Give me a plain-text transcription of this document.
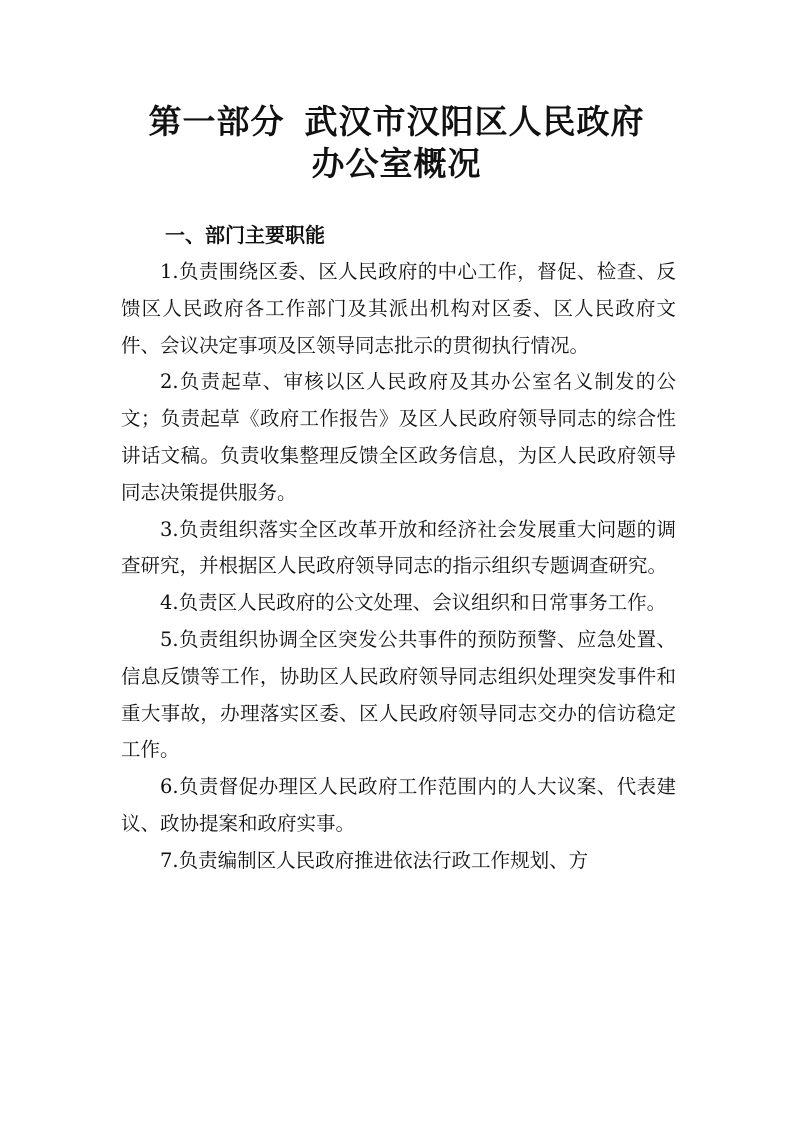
第一部分 武汉市汉阳区人民政府
办公室概况
一、部门主要职能

1.负责围绕区委、区人民政府的中心工作，督促、检查、反馈区人民政府各工作部门及其派出机构对区委、区人民政府文件、会议决定事项及区领导同志批示的贯彻执行情况。

2.负责起草、审核以区人民政府及其办公室名义制发的公文；负责起草《政府工作报告》及区人民政府领导同志的综合性讲话文稿。负责收集整理反馈全区政务信息，为区人民政府领导同志决策提供服务。

3.负责组织落实全区改革开放和经济社会发展重大问题的调查研究，并根据区人民政府领导同志的指示组织专题调查研究。

4.负责区人民政府的公文处理、会议组织和日常事务工作。

5.负责组织协调全区突发公共事件的预防预警、应急处置、信息反馈等工作，协助区人民政府领导同志组织处理突发事件和重大事故，办理落实区委、区人民政府领导同志交办的信访稳定工作。

6.负责督促办理区人民政府工作范围内的人大议案、代表建议、政协提案和政府实事。

7.负责编制区人民政府推进依法行政工作规划、方
